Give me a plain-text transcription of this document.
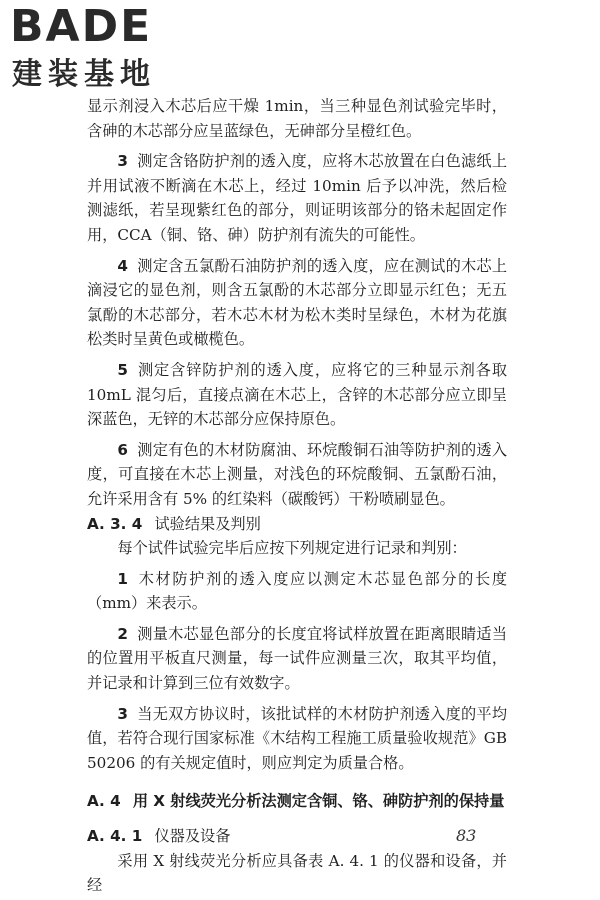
BADE
建装基地

显示剂浸入木芯后应干燥 1min，当三种显色剂试验完毕时，含砷的木芯部分应呈蓝绿色，无砷部分呈橙红色。

3 测定含铬防护剂的透入度，应将木芯放置在白色滤纸上并用试液不断滴在木芯上，经过 10min 后予以冲洗，然后检测滤纸，若呈现紫红色的部分，则证明该部分的铬未起固定作用，CCA（铜、铬、砷）防护剂有流失的可能性。

4 测定含五氯酚石油防护剂的透入度，应在测试的木芯上滴浸它的显色剂，则含五氯酚的木芯部分立即显示红色；无五氯酚的木芯部分，若木芯木材为松木类时呈绿色，木材为花旗松类时呈黄色或橄榄色。

5 测定含锌防护剂的透入度，应将它的三种显示剂各取 10mL 混匀后，直接点滴在木芯上，含锌的木芯部分应立即呈深蓝色，无锌的木芯部分应保持原色。

6 测定有色的木材防腐油、环烷酸铜石油等防护剂的透入度，可直接在木芯上测量，对浅色的环烷酸铜、五氯酚石油，允许采用含有 5% 的红染料（碳酸钙）干粉喷刷显色。

A. 3. 4 试验结果及判别

每个试件试验完毕后应按下列规定进行记录和判别：

1 木材防护剂的透入度应以测定木芯显色部分的长度（mm）来表示。

2 测量木芯显色部分的长度宜将试样放置在距离眼睛适当的位置用平板直尺测量，每一试件应测量三次，取其平均值，并记录和计算到三位有效数字。

3 当无双方协议时，该批试样的木材防护剂透入度的平均值，若符合现行国家标准《木结构工程施工质量验收规范》GB 50206 的有关规定值时，则应判定为质量合格。

A. 4 用 X 射线荧光分析法测定含铜、铬、砷防护剂的保持量

A. 4. 1 仪器及设备

采用 X 射线荧光分析应具备表 A. 4. 1 的仪器和设备，并经

83
